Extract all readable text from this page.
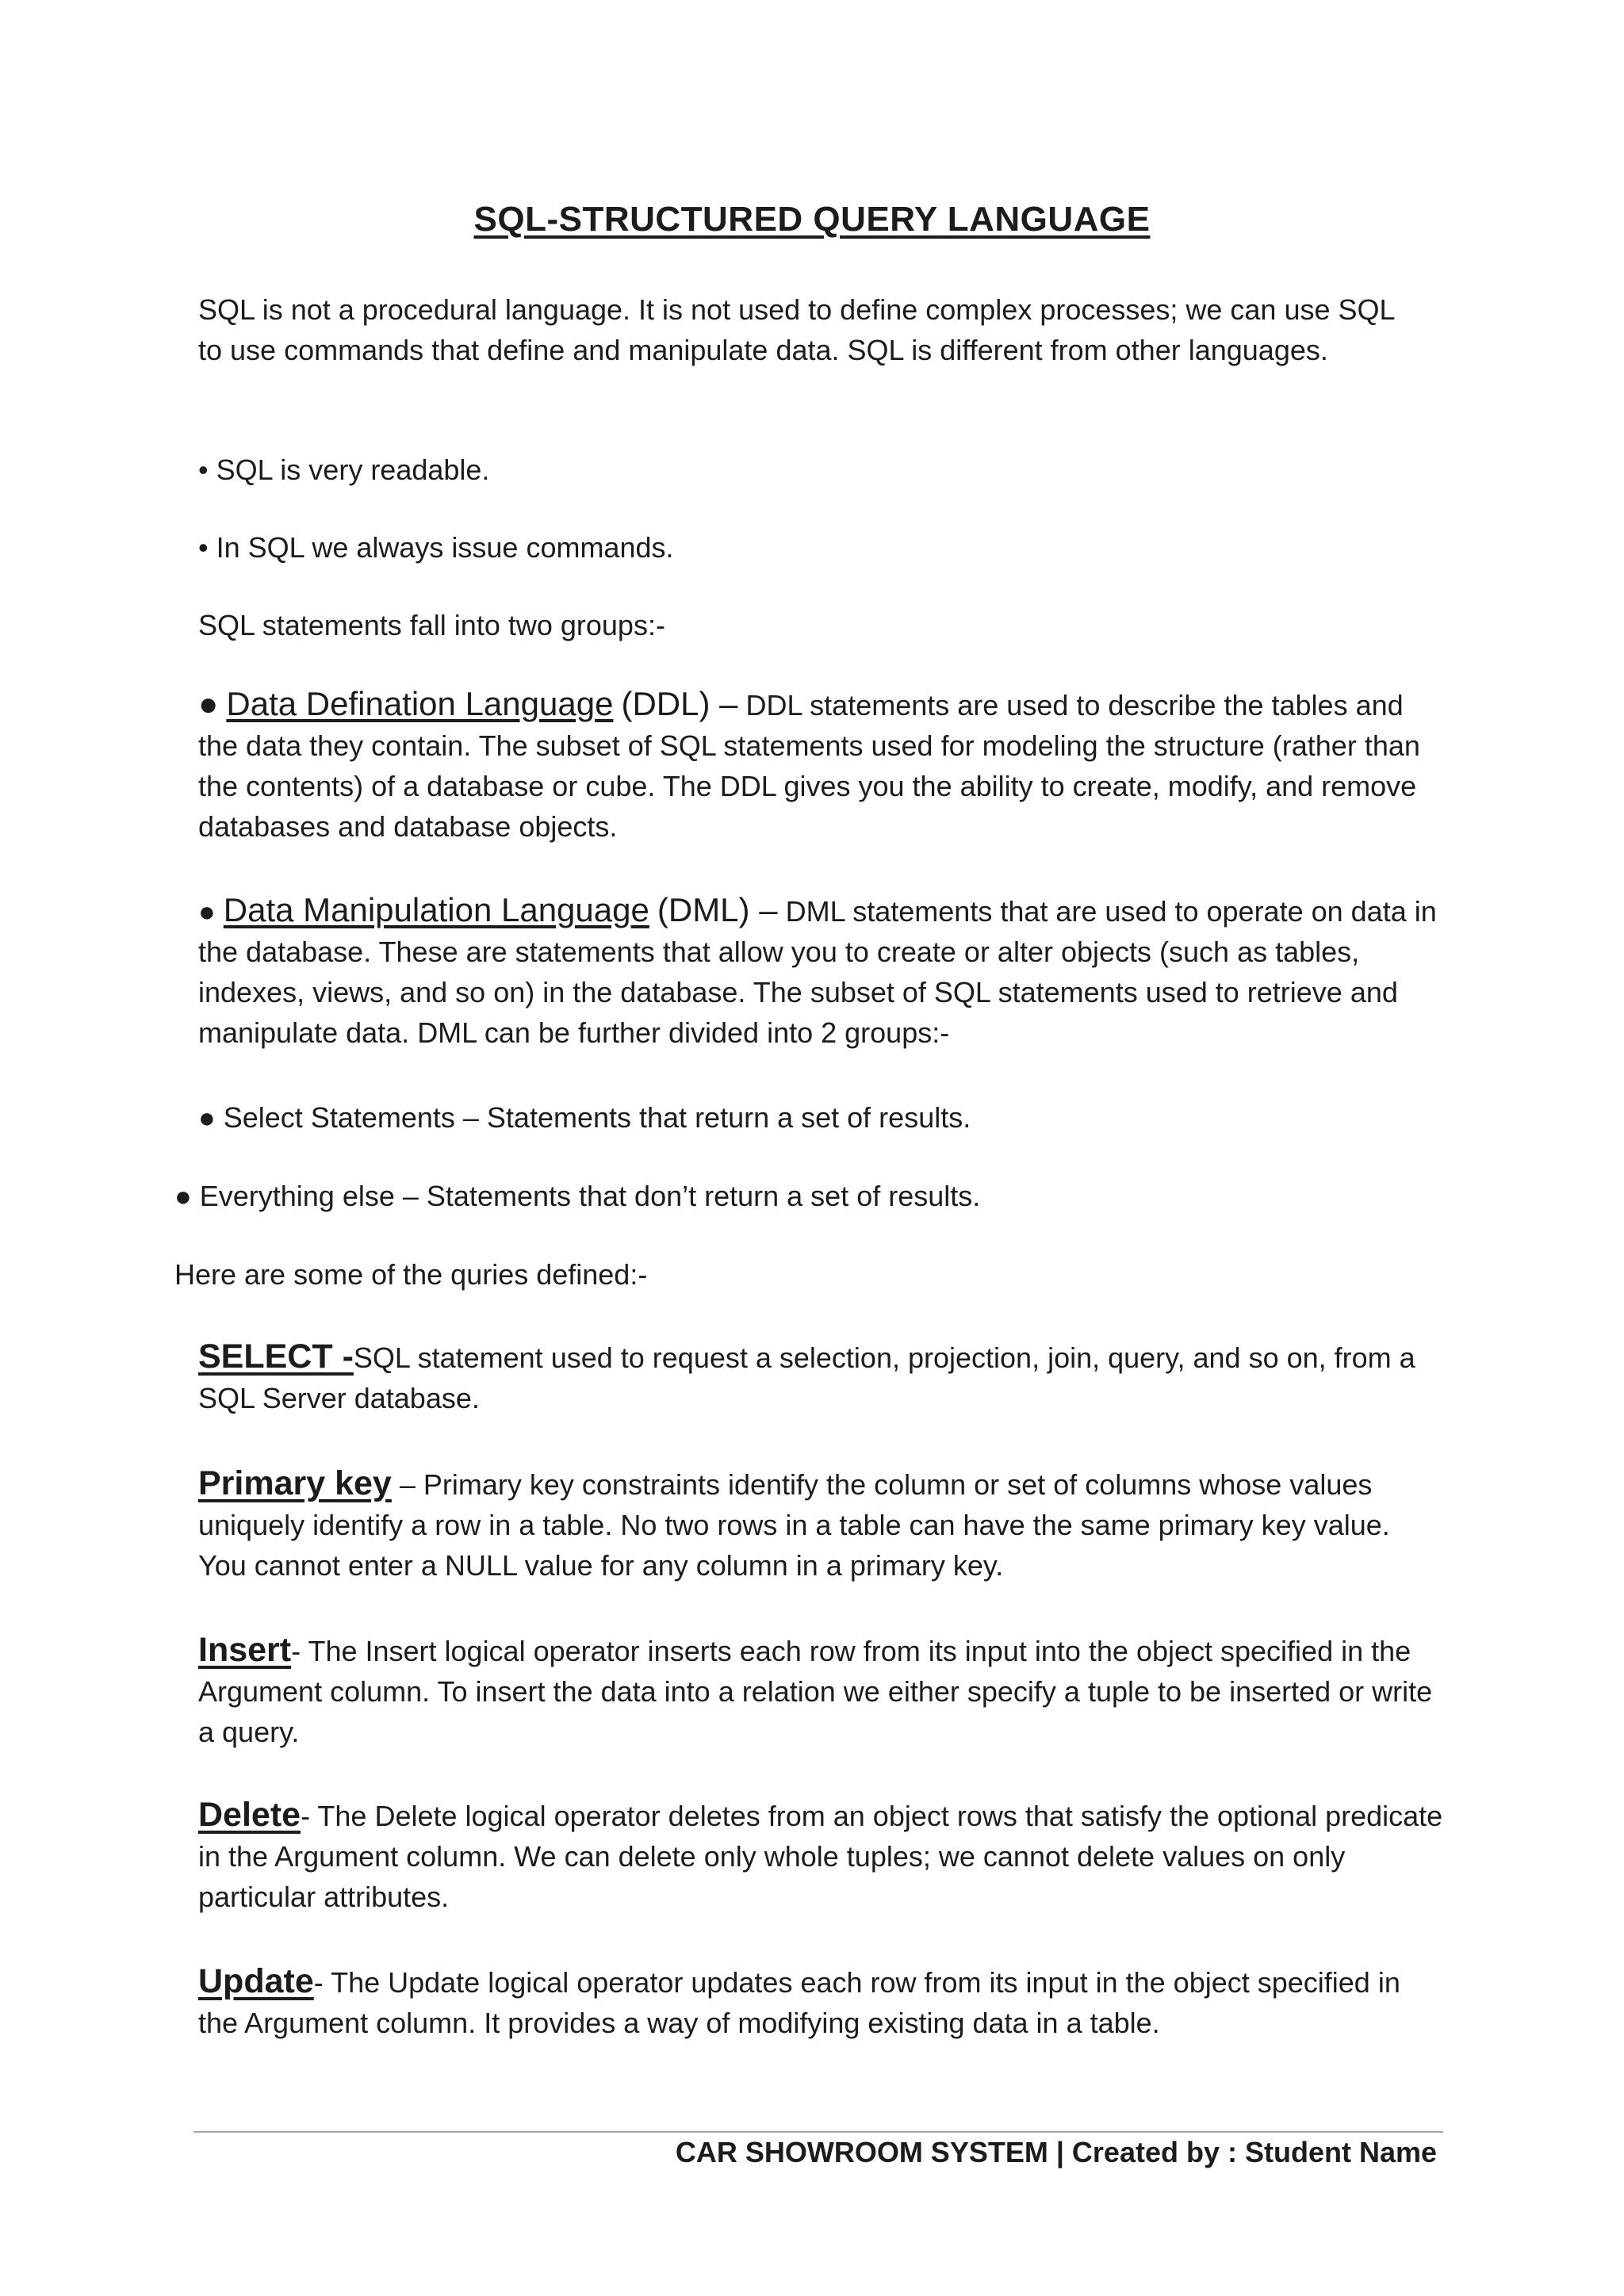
SQL-STRUCTURED QUERY LANGUAGE

SQL is not a procedural language. It is not used to define complex processes; we can use SQL to use commands that define and manipulate data. SQL is different from other languages.

• SQL is very readable.

• In SQL we always issue commands.

SQL statements fall into two groups:-

● Data Defination Language (DDL) – DDL statements are used to describe the tables and the data they contain. The subset of SQL statements used for modeling the structure (rather than the contents) of a database or cube. The DDL gives you the ability to create, modify, and remove databases and database objects.

● Data Manipulation Language (DML) – DML statements that are used to operate on data in the database. These are statements that allow you to create or alter objects (such as tables, indexes, views, and so on) in the database. The subset of SQL statements used to retrieve and manipulate data. DML can be further divided into 2 groups:-

● Select Statements – Statements that return a set of results.

● Everything else – Statements that don’t return a set of results.

Here are some of the quries defined:-

SELECT -SQL statement used to request a selection, projection, join, query, and so on, from a SQL Server database.

Primary key – Primary key constraints identify the column or set of columns whose values uniquely identify a row in a table. No two rows in a table can have the same primary key value. You cannot enter a NULL value for any column in a primary key.

Insert- The Insert logical operator inserts each row from its input into the object specified in the Argument column. To insert the data into a relation we either specify a tuple to be inserted or write a query.

Delete- The Delete logical operator deletes from an object rows that satisfy the optional predicate in the Argument column. We can delete only whole tuples; we cannot delete values on only particular attributes.

Update- The Update logical operator updates each row from its input in the object specified in the Argument column. It provides a way of modifying existing data in a table.

CAR SHOWROOM SYSTEM | Created by : Student Name
